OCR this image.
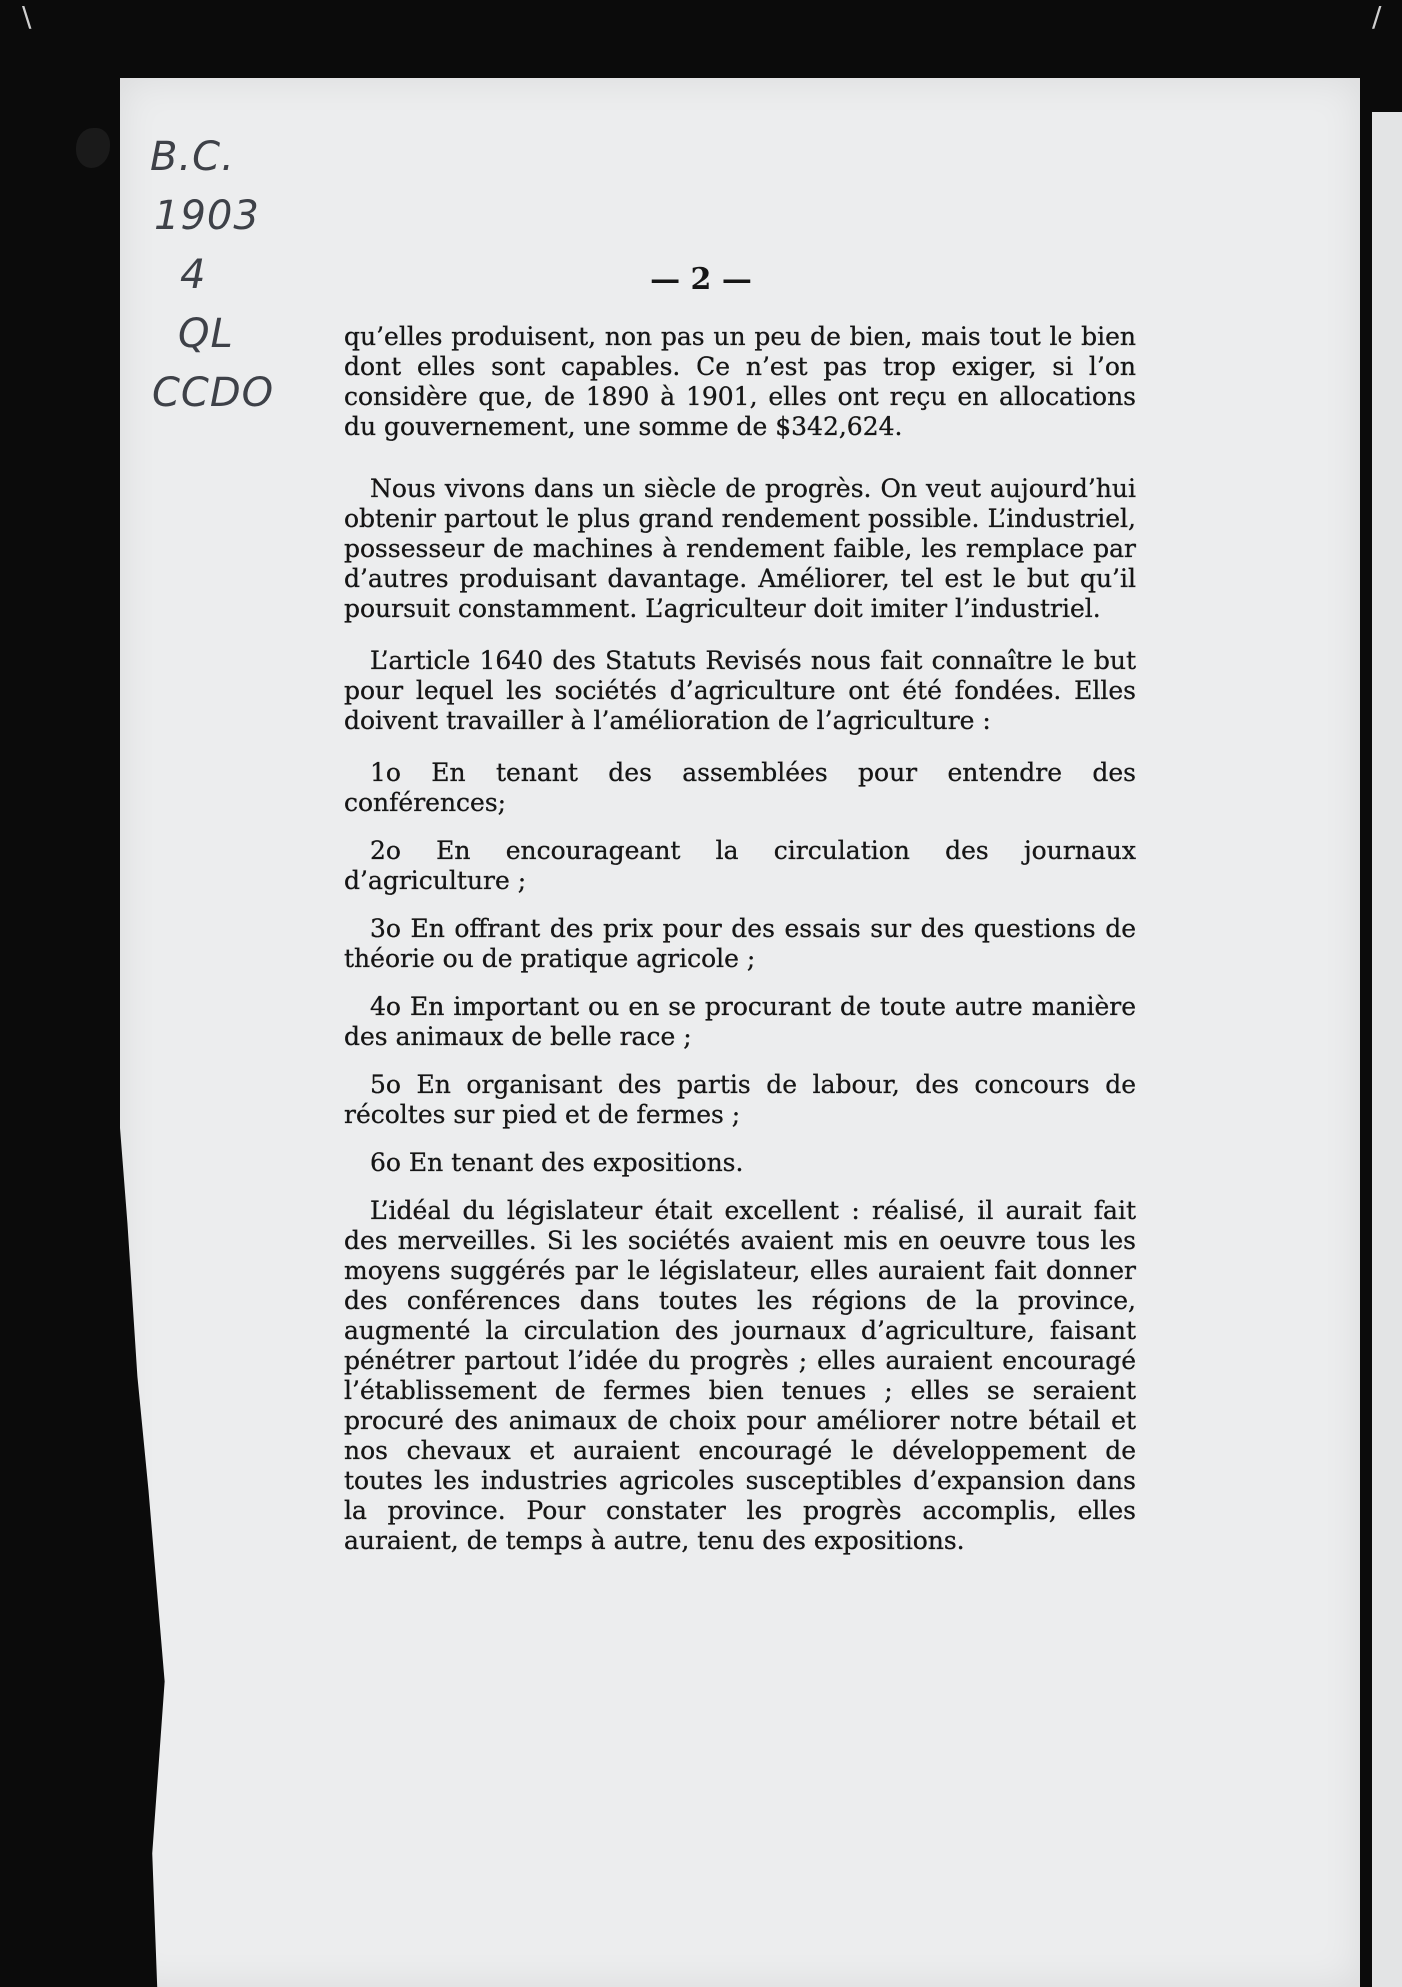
\	/
B.C.
1903
4
QL
CCDO
— 2 —

qu’elles produisent, non pas un peu de bien, mais tout le bien dont elles sont capables. Ce n’est pas trop exiger, si l’on considère que, de 1890 à 1901, elles ont reçu en allocations du gouvernement, une somme de $342,624.

Nous vivons dans un siècle de progrès. On veut aujourd’hui obtenir partout le plus grand rendement possible. L’industriel, possesseur de machines à rendement faible, les remplace par d’autres produisant davantage. Améliorer, tel est le but qu’il poursuit constamment. L’agriculteur doit imiter l’industriel.

L’article 1640 des Statuts Revisés nous fait connaître le but pour lequel les sociétés d’agriculture ont été fondées. Elles doivent travailler à l’amélioration de l’agriculture :

1o En tenant des assemblées pour entendre des conférences;

2o En encourageant la circulation des journaux d’agriculture ;

3o En offrant des prix pour des essais sur des questions de théorie ou de pratique agricole ;

4o En important ou en se procurant de toute autre manière des animaux de belle race ;

5o En organisant des partis de labour, des concours de récoltes sur pied et de fermes ;

6o En tenant des expositions.

L’idéal du législateur était excellent : réalisé, il aurait fait des merveilles. Si les sociétés avaient mis en oeuvre tous les moyens suggérés par le législateur, elles auraient fait donner des conférences dans toutes les régions de la province, augmenté la circulation des journaux d’agriculture, faisant pénétrer partout l’idée du progrès ; elles auraient encouragé l’établissement de fermes bien tenues ; elles se seraient procuré des animaux de choix pour améliorer notre bétail et nos chevaux et auraient encouragé le développement de toutes les industries agricoles susceptibles d’expansion dans la province. Pour constater les progrès accomplis, elles auraient, de temps à autre, tenu des expositions.
